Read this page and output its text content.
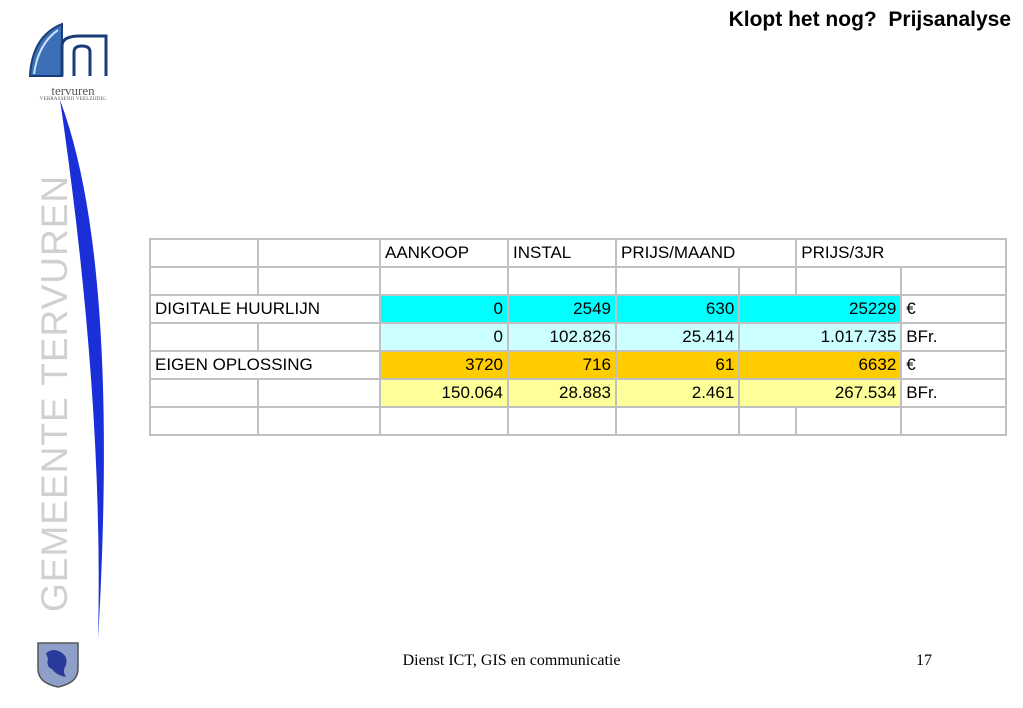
Klopt het nog?  Prijsanalyse
tervuren
VERRASSEND VEELZIJDIG
GEMEENTE TERVUREN
			AANKOOP	INSTAL	PRIJS/MAAND		PRIJS/3JR	

DIGITALE HUURLIJN		0	2549	630	25229		€
		0	102.826	25.414	1.017.735		BFr.
EIGEN OPLOSSING		3720	716	61	6632		€
		150.064	28.883	2.461	267.534		BFr.

Dienst ICT, GIS en communicatie	17
